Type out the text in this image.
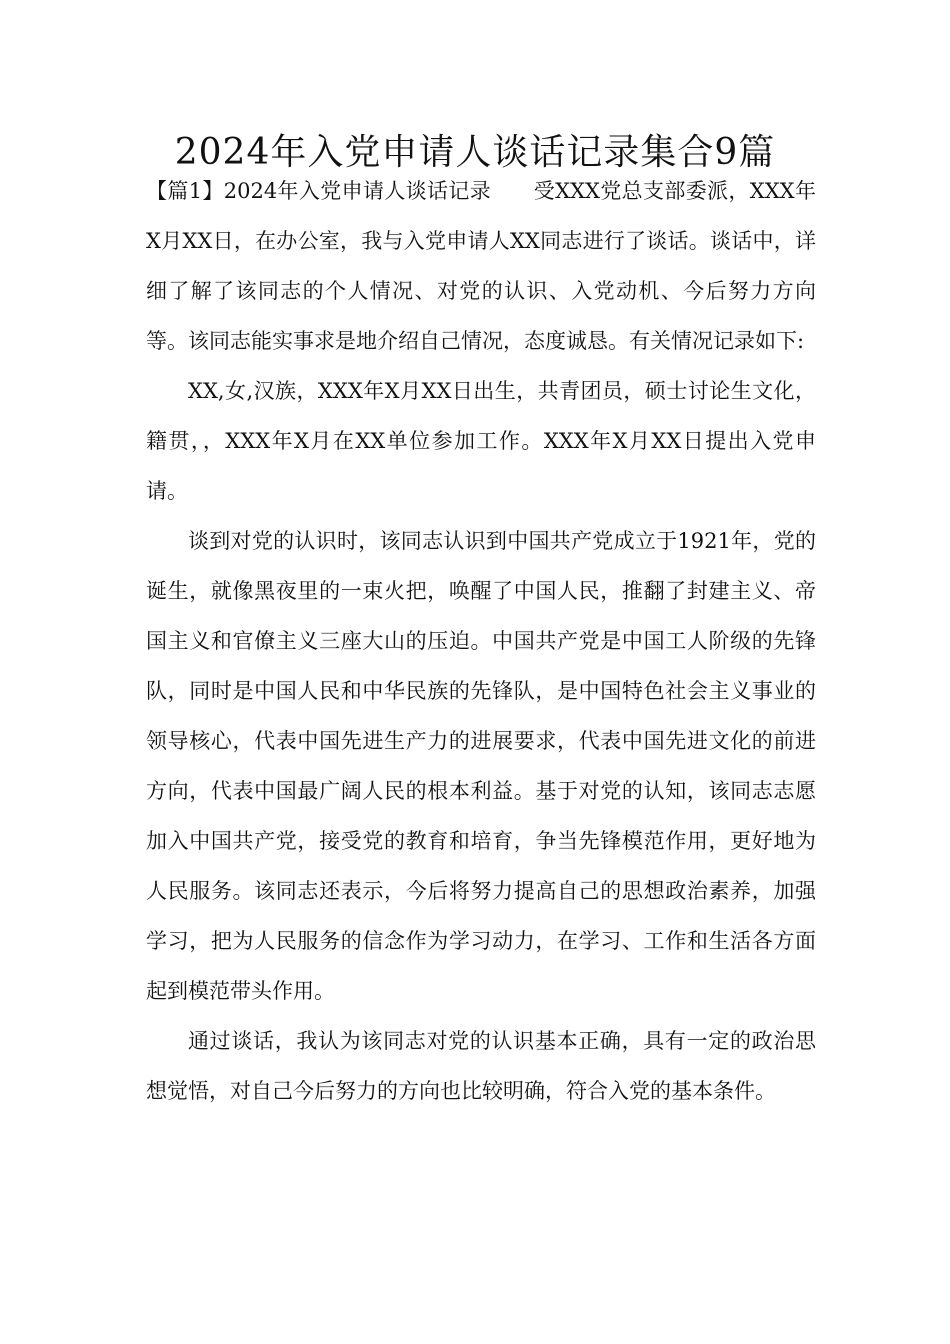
2024年入党申请人谈话记录集合9篇

【篇1】2024年入党申请人谈话记录　　受XXX党总支部委派，XXX年X月XX日，在办公室，我与入党申请人XX同志进行了谈话。谈话中，详细了解了该同志的个人情况、对党的认识、入党动机、今后努力方向等。该同志能实事求是地介绍自己情况，态度诚恳。有关情况记录如下:

XX,女,汉族，XXX年X月XX日出生，共青团员，硕士讨论生文化，籍贯，，XXX年X月在XX单位参加工作。XXX年X月XX日提出入党申请。

谈到对党的认识时，该同志认识到中国共产党成立于1921年，党的诞生，就像黑夜里的一束火把，唤醒了中国人民，推翻了封建主义、帝国主义和官僚主义三座大山的压迫。中国共产党是中国工人阶级的先锋队，同时是中国人民和中华民族的先锋队，是中国特色社会主义事业的领导核心，代表中国先进生产力的进展要求，代表中国先进文化的前进方向，代表中国最广阔人民的根本利益。基于对党的认知，该同志志愿加入中国共产党，接受党的教育和培育，争当先锋模范作用，更好地为人民服务。该同志还表示，今后将努力提高自己的思想政治素养，加强学习，把为人民服务的信念作为学习动力，在学习、工作和生活各方面起到模范带头作用。

通过谈话，我认为该同志对党的认识基本正确，具有一定的政治思想觉悟，对自己今后努力的方向也比较明确，符合入党的基本条件。
